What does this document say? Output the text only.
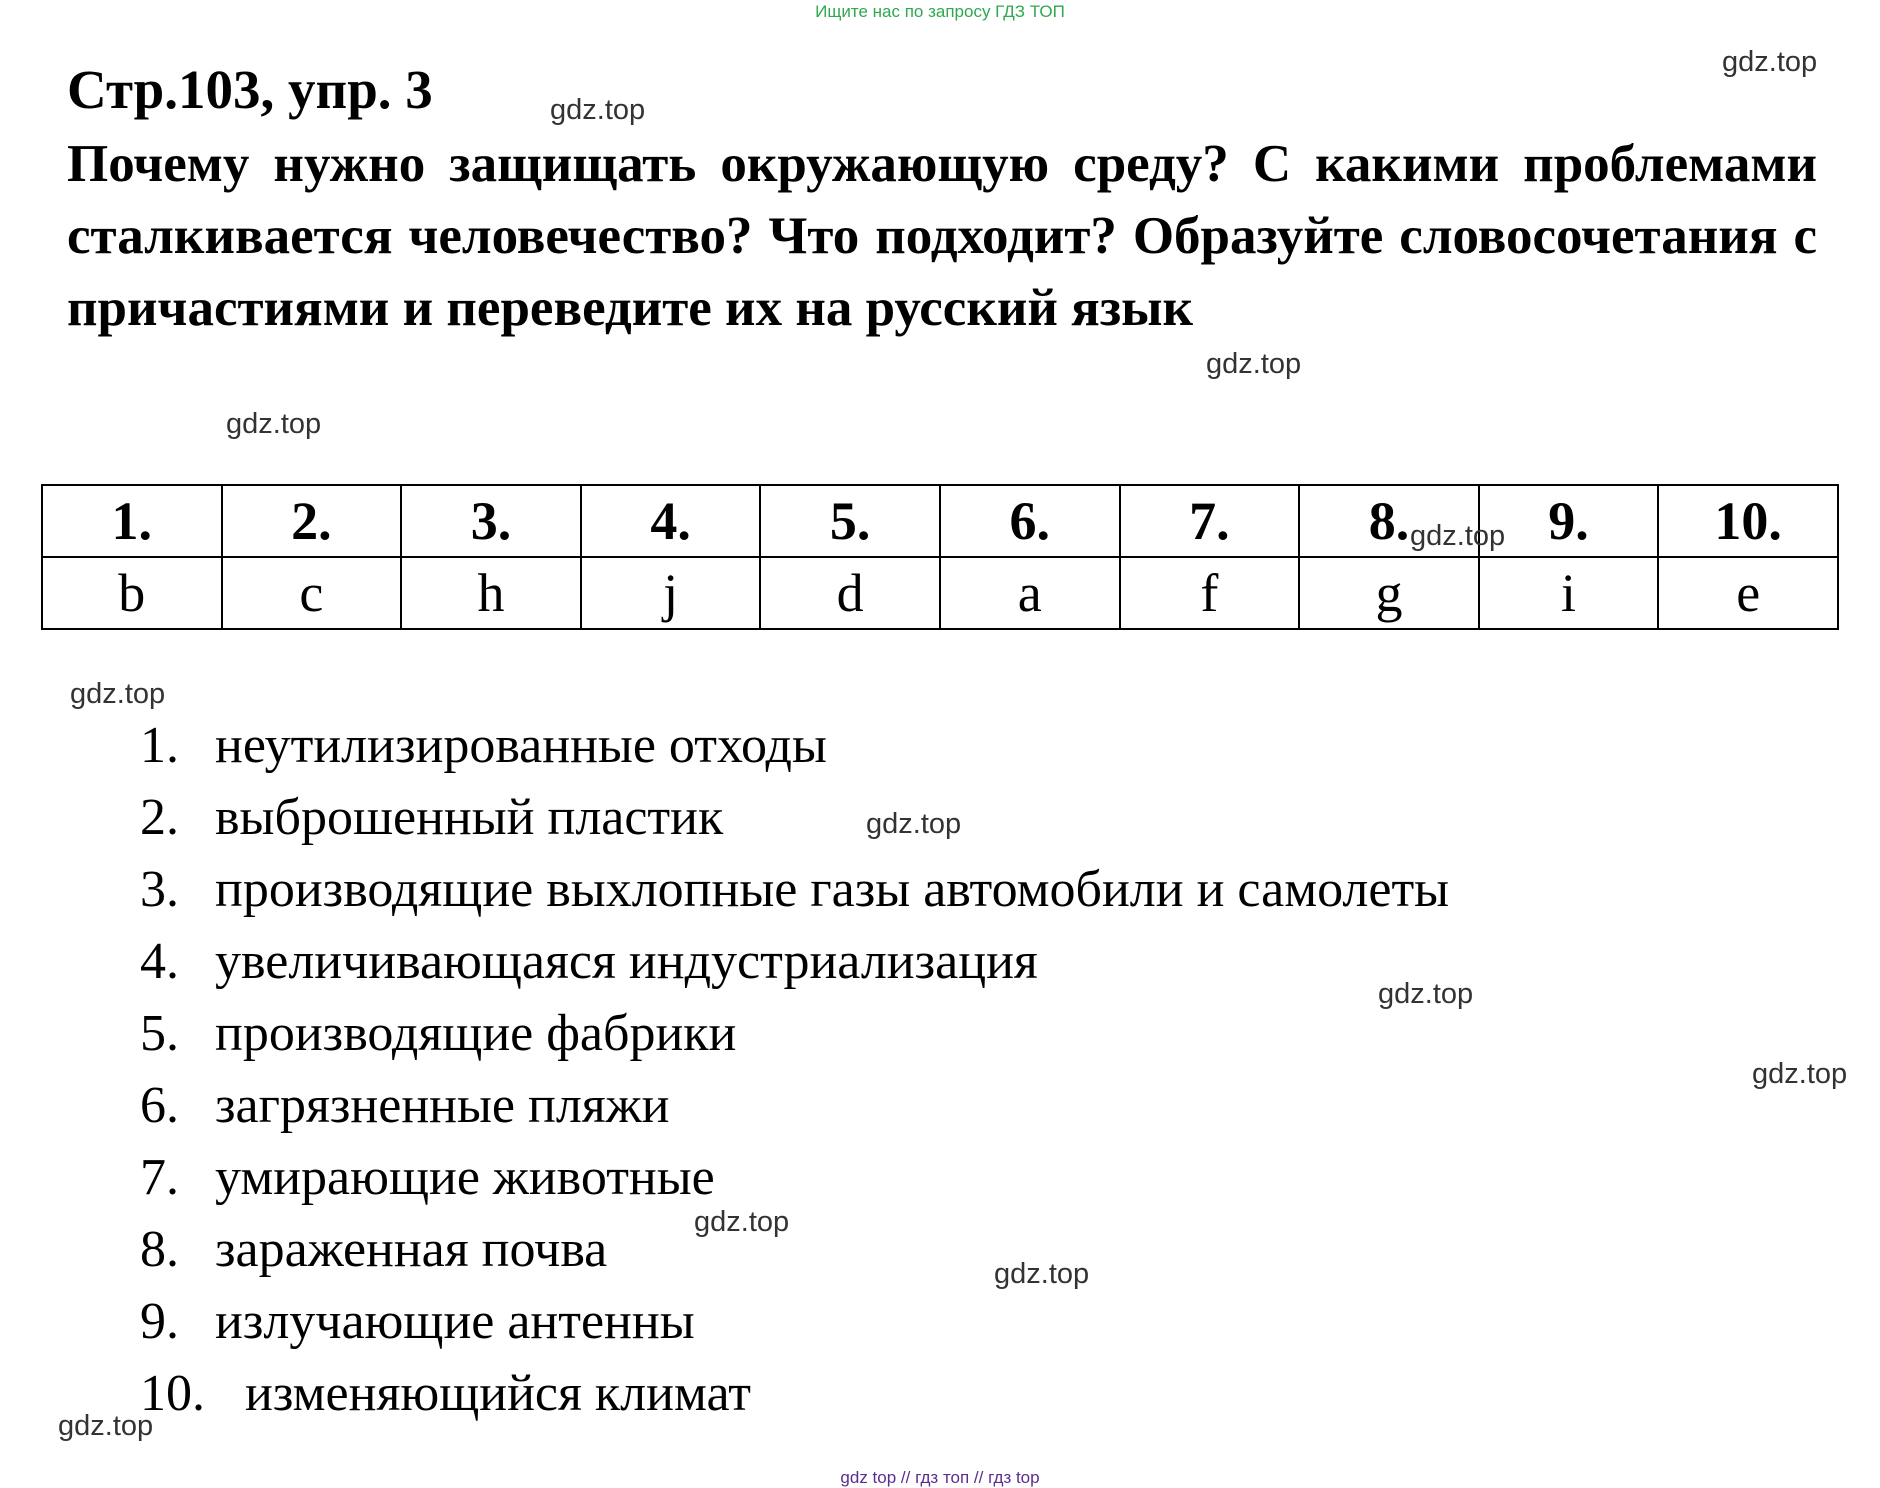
Ищите нас по запросу ГДЗ ТОП
Стр.103, упр. 3
Почему нужно защищать окружающую среду? С какими проблемами сталкивается человечество? Что подходит? Образуйте словосочетания с причастиями и переведите их на русский язык
1.	2.	3.	4.	5.	6.	7.	8.	9.	10.
b	c	h	j	d	a	f	g	i	e
1. неутилизированные отходы
2. выброшенный пластик
3. производящие выхлопные газы автомобили и самолеты
4. увеличивающаяся индустриализация
5. производящие фабрики
6. загрязненные пляжи
7. умирающие животные
8. зараженная почва
9. излучающие антенны
10. изменяющийся климат
gdz.top
gdz.top
gdz.top
gdz.top
gdz.top
gdz.top
gdz.top
gdz.top
gdz.top
gdz.top
gdz.top
gdz.top
gdz top // гдз топ // гдз top
